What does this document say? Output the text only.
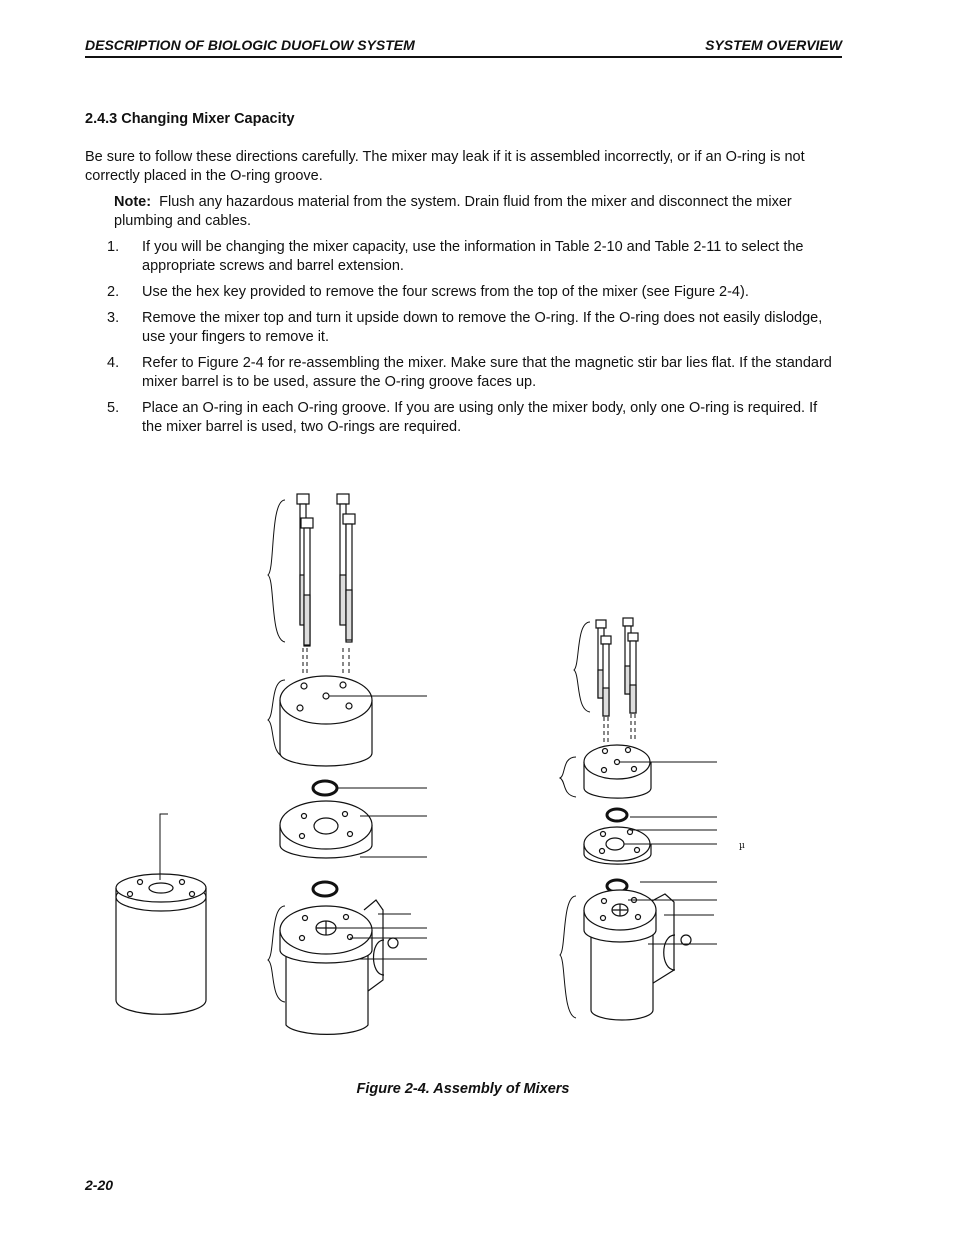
DESCRIPTION OF BIOLOGIC DUOFLOW SYSTEM	SYSTEM OVERVIEW
2.4.3 Changing Mixer Capacity
Be sure to follow these directions carefully. The mixer may leak if it is assembled incorrectly, or if an O-ring is not correctly placed in the O-ring groove.
Note: Flush any hazardous material from the system. Drain fluid from the mixer and disconnect the mixer plumbing and cables.
1. If you will be changing the mixer capacity, use the information in Table 2-10 and Table 2-11 to select the appropriate screws and barrel extension.
2. Use the hex key provided to remove the four screws from the top of the mixer (see Figure 2-4).
3. Remove the mixer top and turn it upside down to remove the O-ring. If the O-ring does not easily dislodge, use your fingers to remove it.
4. Refer to Figure 2-4 for re-assembling the mixer. Make sure that the magnetic stir bar lies flat. If the standard mixer barrel is to be used, assure the O-ring groove faces up.
5. Place an O-ring in each O-ring groove. If you are using only the mixer body, only one O-ring is required. If the mixer barrel is used, two O-rings are required.
µ
Figure 2-4. Assembly of Mixers
2-20
